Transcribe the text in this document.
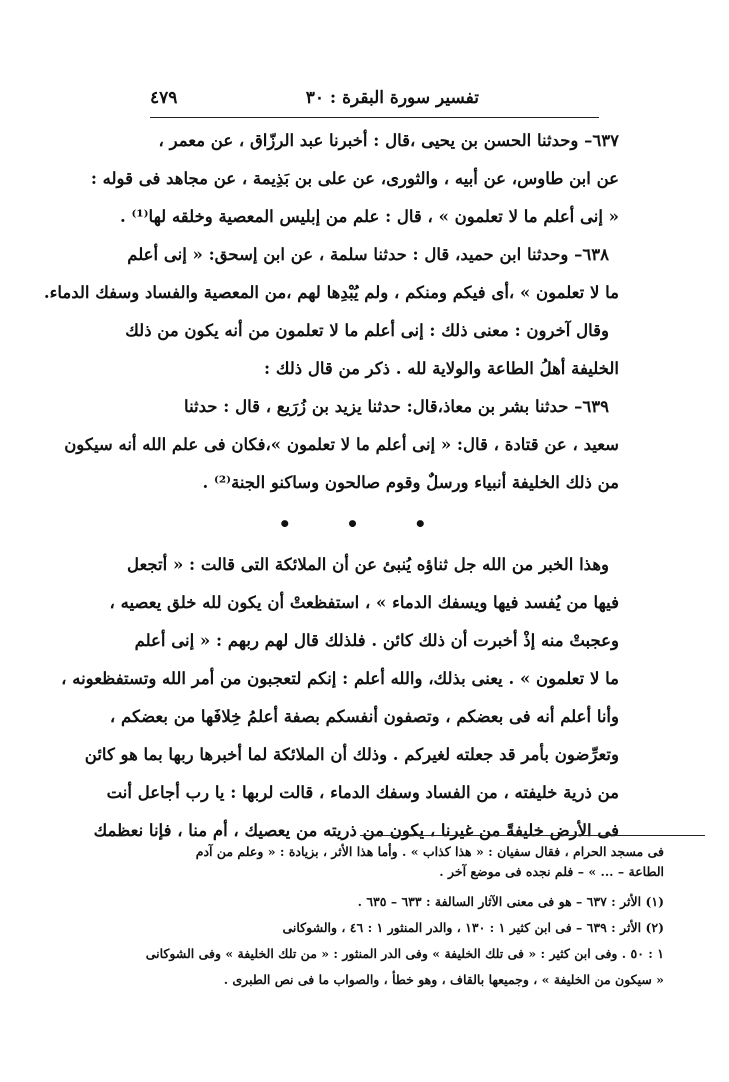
تفسير سورة البقرة : ٣٠
٤٧٩
٦٣٧– وحدثنا الحسن بن يحيى ،قال : أخبرنا عبد الرزّاق ، عن معمر ،
عن ابن طاوس، عن أبيه ، والثورى، عن على بن بَذِيمة ، عن مجاهد فى قوله :
« إنى أعلم ما لا تعلمون » ، قال : علم من إبليس المعصية وخلقه لها⁽¹⁾ .
٦٣٨– وحدثنا ابن حميد، قال : حدثنا سلمة ، عن ابن إسحق: « إنى أعلم
ما لا تعلمون » ،أى فيكم ومنكم ، ولم يُبْدِها لهم ،من المعصية والفساد وسفك الدماء.
وقال آخرون : معنى ذلك : إنى أعلم ما لا تعلمون من أنه يكون من ذلك
الخليفة أهلُ الطاعة والولاية لله . ذكر من قال ذلك :
٦٣٩– حدثنا بشر بن معاذ،قال: حدثنا يزيد بن زُرَيع ، قال : حدثنا
سعيد ، عن قتادة ، قال: « إنى أعلم ما لا تعلمون »،فكان فى علم الله أنه سيكون
من ذلك الخليفة أنبياء ورسلٌ وقوم صالحون وساكنو الجنة⁽²⁾ .
• • •
وهذا الخبر من الله جل ثناؤه يُنبئ عن أن الملائكة التى قالت : « أتجعل
فيها من يُفسد فيها ويسفك الدماء » ، استفظعتْ أن يكون لله خلق يعصيه ،
وعجبتْ منه إذْ أخبرت أن ذلك كائن . فلذلك قال لهم ربهم : « إنى أعلم
ما لا تعلمون » . يعنى بذلك، والله أعلم : إنكم لتعجبون من أمر الله وتستفظعونه ،
وأنا أعلم أنه فى بعضكم ، وتصفون أنفسكم بصفة أعلمُ خِلافَها من بعضكم ،
وتعرِّضون بأمر قد جعلته لغيركم . وذلك أن الملائكة لما أخبرها ربها بما هو كائن
من ذرية خليفته ، من الفساد وسفك الدماء ، قالت لربها : يا رب أجاعل أنت
فى الأرض خليفةً من غيرنا ، يكون من ذريته من يعصيك ، أم منا ، فإنا نعظمك
فى مسجد الحرام ، فقال سفيان : « هذا كذاب » . وأما هذا الأثر ، بزيادة : « وعلم من آدم
الطاعة – ... » – فلم نجده فى موضع آخر .
(١) الأثر : ٦٣٧ – هو فى معنى الآثار السالفة : ٦٣٣ – ٦٣٥ .
(٢) الأثر : ٦٣٩ – فى ابن كثير ١ : ١٣٠ ، والدر المنثور ١ : ٤٦ ، والشوكانى
١ : ٥٠ . وفى ابن كثير : « فى تلك الخليفة » وفى الدر المنثور : « من تلك الخليفة » وفى الشوكانى
« سيكون من الخليفة » ، وجميعها بالقاف ، وهو خطأ ، والصواب ما فى نص الطبرى .
